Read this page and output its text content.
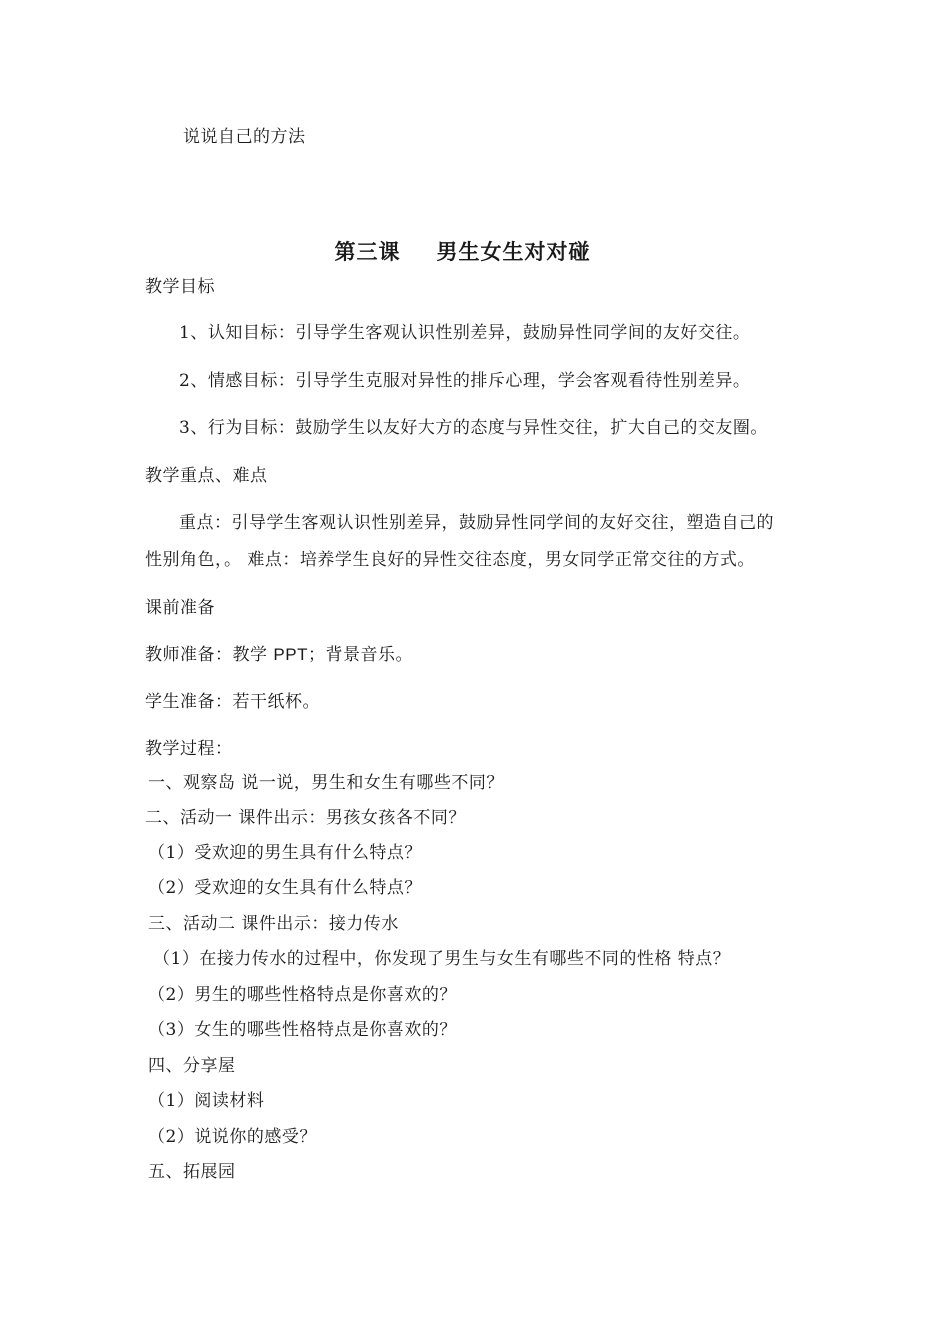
说说自己的方法
第三课 男生女生对对碰
教学目标
1、认知目标：引导学生客观认识性别差异，鼓励异性同学间的友好交往。
2、情感目标：引导学生克服对异性的排斥心理，学会客观看待性别差异。
3、行为目标：鼓励学生以友好大方的态度与异性交往，扩大自己的交友圈。
教学重点、难点
重点：引导学生客观认识性别差异，鼓励异性同学间的友好交往，塑造自己的
性别角色，。 难点：培养学生良好的异性交往态度，男女同学正常交往的方式。
课前准备
教师准备：教学 PPT；背景音乐。
学生准备：若干纸杯。
教学过程：
一、观察岛 说一说，男生和女生有哪些不同？
二、活动一 课件出示：男孩女孩各不同？
（1）受欢迎的男生具有什么特点？
（2）受欢迎的女生具有什么特点？
三、活动二 课件出示：接力传水
（1）在接力传水的过程中，你发现了男生与女生有哪些不同的性格 特点？
（2）男生的哪些性格特点是你喜欢的？
（3）女生的哪些性格特点是你喜欢的？
四、分享屋
（1）阅读材料
（2）说说你的感受？
五、拓展园
